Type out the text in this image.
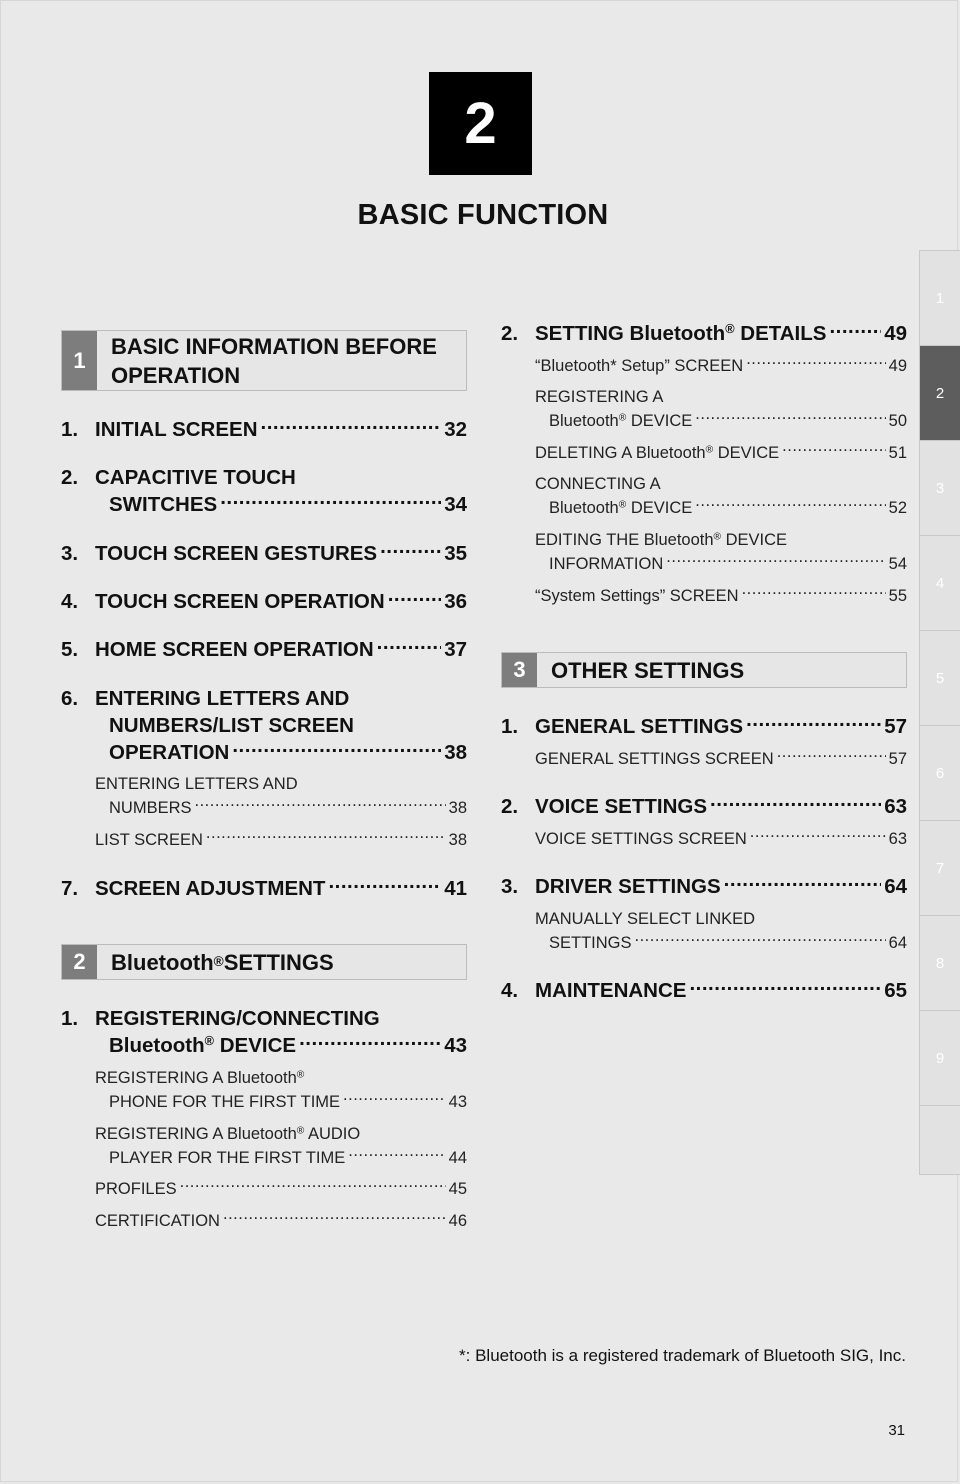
2
BASIC FUNCTION
1
2
3
4
5
6
7
8
9
1
BASIC INFORMATION BEFORE
OPERATION
1. INITIAL SCREEN .....	32
2. CAPACITIVE TOUCH
SWITCHES .....	34
3. TOUCH SCREEN GESTURES .....	35
4. TOUCH SCREEN OPERATION .....	36
5. HOME SCREEN OPERATION .....	37
6. ENTERING LETTERS AND
NUMBERS/LIST SCREEN
OPERATION .....	38
ENTERING LETTERS AND
NUMBERS .....	38
LIST SCREEN .....	38
7. SCREEN ADJUSTMENT .....	41
2	Bluetooth ® SETTINGS
1. REGISTERING/CONNECTING
Bluetooth® DEVICE .....	43
REGISTERING A Bluetooth®
PHONE FOR THE FIRST TIME .....	43
REGISTERING A Bluetooth® AUDIO
PLAYER FOR THE FIRST TIME .....	44
PROFILES .....	45
CERTIFICATION .....	46
2. SETTING Bluetooth® DETAILS .....	49
“Bluetooth* Setup” SCREEN .....	49
REGISTERING A
Bluetooth® DEVICE .....	50
DELETING A Bluetooth® DEVICE .....	51
CONNECTING A
Bluetooth® DEVICE .....	52
EDITING THE Bluetooth® DEVICE
INFORMATION .....	54
“System Settings” SCREEN .....	55
3	OTHER SETTINGS
1. GENERAL SETTINGS .....	57
GENERAL SETTINGS SCREEN .....	57
2. VOICE SETTINGS .....	63
VOICE SETTINGS SCREEN .....	63
3. DRIVER SETTINGS .....	64
MANUALLY SELECT LINKED
SETTINGS .....	64
4. MAINTENANCE .....	65
*: Bluetooth is a registered trademark of Bluetooth SIG, Inc.
31
